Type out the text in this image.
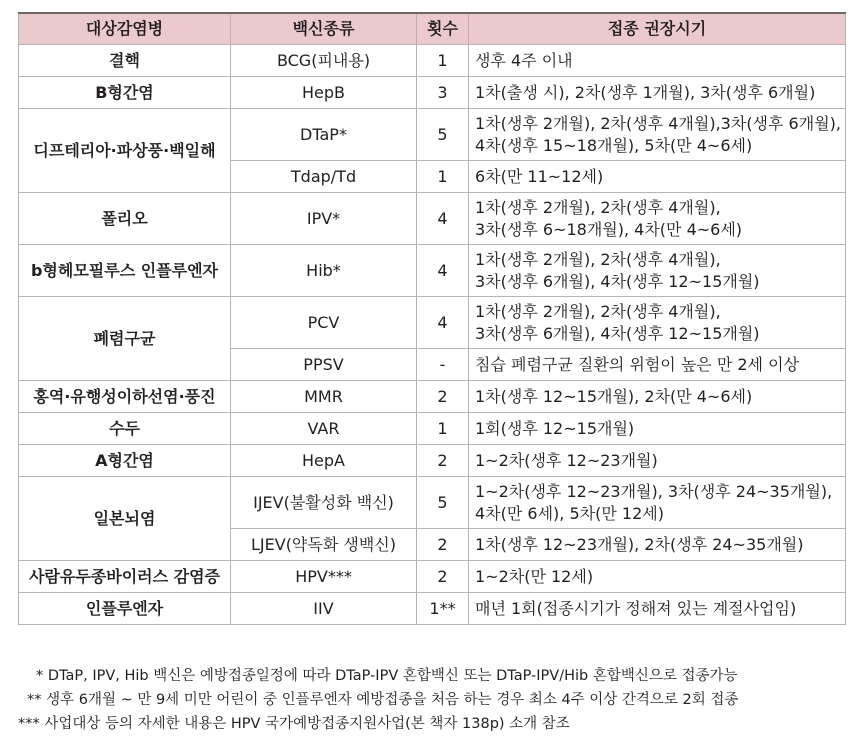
대상감염병	백신종류	횟수	접종 권장시기
결핵	BCG(피내용)	1	생후 4주 이내

B형간염	HepB	3	1차(출생 시), 2차(생후 1개월), 3차(생후 6개월)

디프테리아·파상풍·백일해	DTaP*	5	1차(생후 2개월), 2차(생후 4개월),3차(생후 6개월),
4차(생후 15~18개월), 5차(만 4~6세)

	Tdap/Td	1	6차(만 11~12세)

폴리오	IPV*	4	1차(생후 2개월), 2차(생후 4개월),
3차(생후 6~18개월), 4차(만 4~6세)

b형헤모필루스 인플루엔자	Hib*	4	1차(생후 2개월), 2차(생후 4개월),
3차(생후 6개월), 4차(생후 12~15개월)

폐렴구균	PCV	4	1차(생후 2개월), 2차(생후 4개월),
3차(생후 6개월), 4차(생후 12~15개월)

	PPSV	-	침습 폐렴구균 질환의 위험이 높은 만 2세 이상

홍역·유행성이하선염·풍진	MMR	2	1차(생후 12~15개월), 2차(만 4~6세)

수두	VAR	1	1회(생후 12~15개월)

A형간염	HepA	2	1~2차(생후 12~23개월)

일본뇌염	IJEV(불활성화 백신)	5	1~2차(생후 12~23개월), 3차(생후 24~35개월),
4차(만 6세), 5차(만 12세)

	LJEV(약독화 생백신)	2	1차(생후 12~23개월), 2차(생후 24~35개월)

사람유두종바이러스 감염증	HPV***	2	1~2차(만 12세)

인플루엔자	IIV	1**	매년 1회(접종시기가 정해져 있는 계절사업임)
* DTaP, IPV, Hib 백신은 예방접종일정에 따라 DTaP-IPV 혼합백신 또는 DTaP-IPV/Hib 혼합백신으로 접종가능
** 생후 6개월 ~ 만 9세 미만 어린이 중 인플루엔자 예방접종을 처음 하는 경우 최소 4주 이상 간격으로 2회 접종
*** 사업대상 등의 자세한 내용은 HPV 국가예방접종지원사업(본 책자 138p) 소개 참조
